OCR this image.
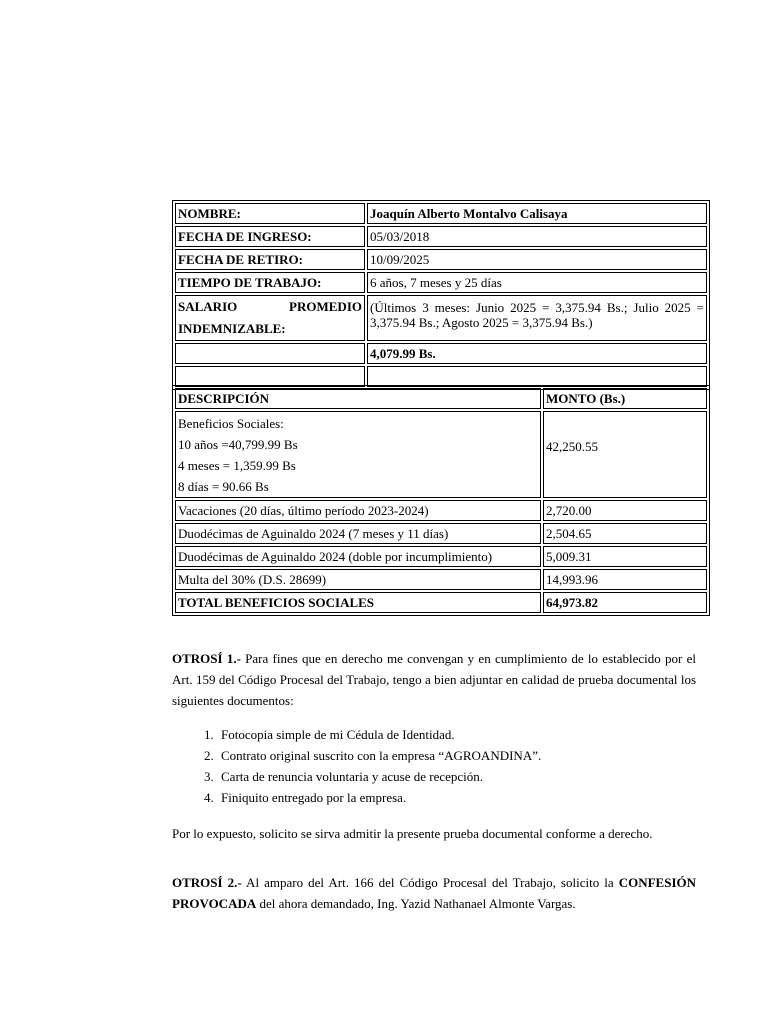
NOMBRE:	Joaquín Alberto Montalvo Calisaya
FECHA DE INGRESO:	05/03/2018
FECHA DE RETIRO:	10/09/2025
TIEMPO DE TRABAJO:	6 años, 7 meses y 25 días

SALARIO PROMEDIO
INDEMNIZABLE:	(Últimos 3 meses: Junio 2025 = 3,375.94 Bs.; Julio 2025 = 3,375.94 Bs.; Agosto 2025 = 3,375.94 Bs.)
	4,079.99 Bs.

DESCRIPCIÓN	MONTO (Bs.)

Beneficios Sociales:
10 años =40,799.99 Bs
4 meses = 1,359.99 Bs
8 días = 90.66 Bs	42,250.55
Vacaciones (20 días, último período 2023-2024)	2,720.00
Duodécimas de Aguinaldo 2024 (7 meses y 11 días)	2,504.65
Duodécimas de Aguinaldo 2024 (doble por incumplimiento)	5,009.31
Multa del 30% (D.S. 28699)	14,993.96
TOTAL BENEFICIOS SOCIALES	64,973.82

OTROSÍ 1.- Para fines que en derecho me convengan y en cumplimiento de lo establecido por el Art. 159 del Código Procesal del Trabajo, tengo a bien adjuntar en calidad de prueba documental los siguientes documentos:

1. Fotocopia simple de mi Cédula de Identidad.
2. Contrato original suscrito con la empresa “AGROANDINA”.
3. Carta de renuncia voluntaria y acuse de recepción.
4. Finiquito entregado por la empresa.

Por lo expuesto, solicito se sirva admitir la presente prueba documental conforme a derecho.

OTROSÍ 2.- Al amparo del Art. 166 del Código Procesal del Trabajo, solicito la CONFESIÓN PROVOCADA del ahora demandado, Ing. Yazid Nathanael Almonte Vargas.
